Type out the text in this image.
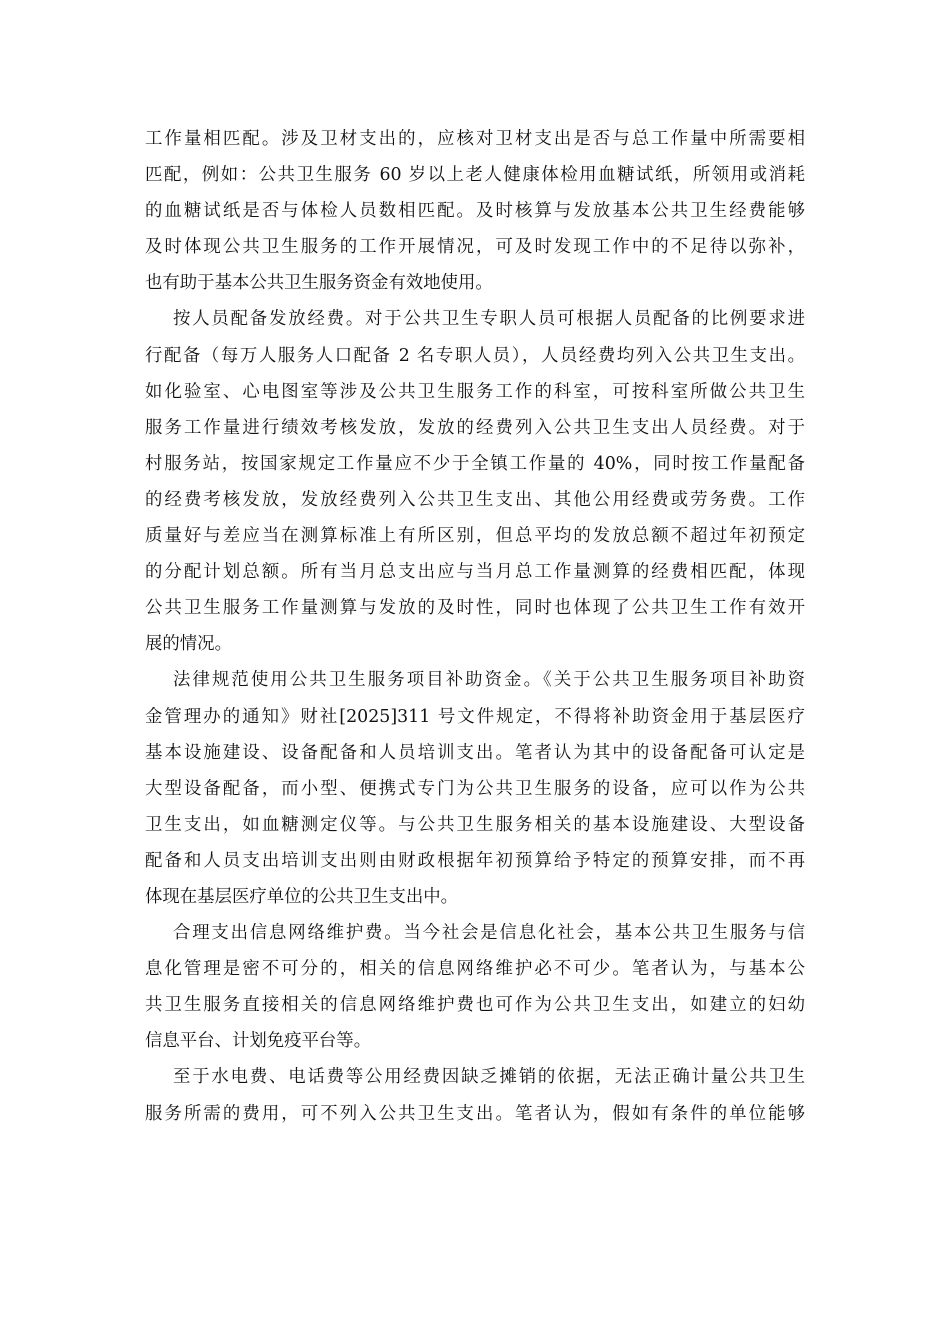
工作量相匹配。涉及卫材支出的，应核对卫材支出是否与总工作量中所需要相
匹配，例如：公共卫生服务 60 岁以上老人健康体检用血糖试纸，所领用或消耗
的血糖试纸是否与体检人员数相匹配。及时核算与发放基本公共卫生经费能够
及时体现公共卫生服务的工作开展情况，可及时发现工作中的不足待以弥补，
也有助于基本公共卫生服务资金有效地使用。
按人员配备发放经费。对于公共卫生专职人员可根据人员配备的比例要求进
行配备（每万人服务人口配备 2 名专职人员），人员经费均列入公共卫生支出。
如化验室、心电图室等涉及公共卫生服务工作的科室，可按科室所做公共卫生
服务工作量进行绩效考核发放，发放的经费列入公共卫生支出人员经费。对于
村服务站，按国家规定工作量应不少于全镇工作量的 40%，同时按工作量配备
的经费考核发放，发放经费列入公共卫生支出、其他公用经费或劳务费。工作
质量好与差应当在测算标准上有所区别，但总平均的发放总额不超过年初预定
的分配计划总额。所有当月总支出应与当月总工作量测算的经费相匹配，体现
公共卫生服务工作量测算与发放的及时性，同时也体现了公共卫生工作有效开
展的情况。
法律规范使用公共卫生服务项目补助资金。《关于公共卫生服务项目补助资
金管理办的通知》财社[2025]311 号文件规定，不得将补助资金用于基层医疗
基本设施建设、设备配备和人员培训支出。笔者认为其中的设备配备可认定是
大型设备配备，而小型、便携式专门为公共卫生服务的设备，应可以作为公共
卫生支出，如血糖测定仪等。与公共卫生服务相关的基本设施建设、大型设备
配备和人员支出培训支出则由财政根据年初预算给予特定的预算安排，而不再
体现在基层医疗单位的公共卫生支出中。
合理支出信息网络维护费。当今社会是信息化社会，基本公共卫生服务与信
息化管理是密不可分的，相关的信息网络维护必不可少。笔者认为，与基本公
共卫生服务直接相关的信息网络维护费也可作为公共卫生支出，如建立的妇幼
信息平台、计划免疫平台等。
至于水电费、电话费等公用经费因缺乏摊销的依据，无法正确计量公共卫生
服务所需的费用，可不列入公共卫生支出。笔者认为，假如有条件的单位能够
